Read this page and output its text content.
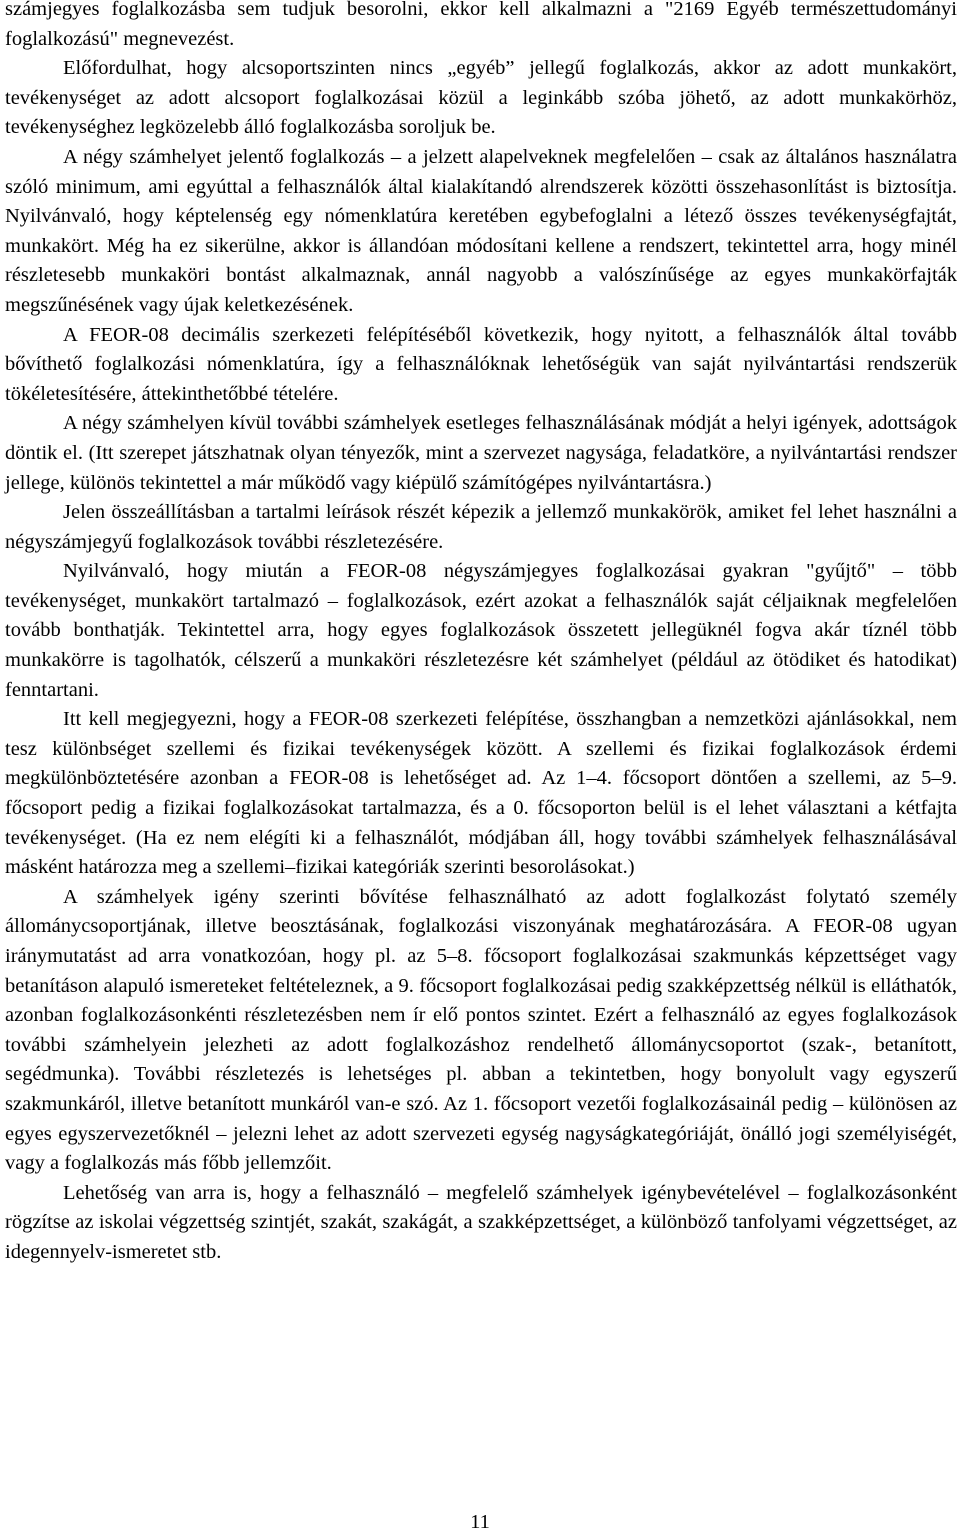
számjegyes foglalkozásba sem tudjuk besorolni, ekkor kell alkalmazni a "2169 Egyéb természettudományi foglalkozású" megnevezést.

Előfordulhat, hogy alcsoportszinten nincs „egyéb” jellegű foglalkozás, akkor az adott munkakört, tevékenységet az adott alcsoport foglalkozásai közül a leginkább szóba jöhető, az adott munkakörhöz, tevékenységhez legközelebb álló foglalkozásba soroljuk be.

A négy számhelyet jelentő foglalkozás – a jelzett alapelveknek megfelelően – csak az általános használatra szóló minimum, ami egyúttal a felhasználók által kialakítandó alrendszerek közötti összehasonlítást is biztosítja. Nyilvánvaló, hogy képtelenség egy nómenklatúra keretében egybefoglalni a létező összes tevékenységfajtát, munkakört. Még ha ez sikerülne, akkor is állandóan módosítani kellene a rendszert, tekintettel arra, hogy minél részletesebb munkaköri bontást alkalmaznak, annál nagyobb a valószínűsége az egyes munkakörfajták megszűnésének vagy újak keletkezésének.

A FEOR-08 decimális szerkezeti felépítéséből következik, hogy nyitott, a felhasználók által tovább bővíthető foglalkozási nómenklatúra, így a felhasználóknak lehetőségük van saját nyilvántartási rendszerük tökéletesítésére, áttekinthetőbbé tételére.

A négy számhelyen kívül további számhelyek esetleges felhasználásának módját a helyi igények, adottságok döntik el. (Itt szerepet játszhatnak olyan tényezők, mint a szervezet nagysága, feladatköre, a nyilvántartási rendszer jellege, különös tekintettel a már működő vagy kiépülő számítógépes nyilvántartásra.)

Jelen összeállításban a tartalmi leírások részét képezik a jellemző munkakörök, amiket fel lehet használni a négyszámjegyű foglalkozások további részletezésére.

Nyilvánvaló, hogy miután a FEOR-08 négyszámjegyes foglalkozásai gyakran "gyűjtő" – több tevékenységet, munkakört tartalmazó – foglalkozások, ezért azokat a felhasználók saját céljaiknak megfelelően tovább bonthatják. Tekintettel arra, hogy egyes foglalkozások összetett jellegüknél fogva akár tíznél több munkakörre is tagolhatók, célszerű a munkaköri részletezésre két számhelyet (például az ötödiket és hatodikat) fenntartani.

Itt kell megjegyezni, hogy a FEOR-08 szerkezeti felépítése, összhangban a nemzetközi ajánlásokkal, nem tesz különbséget szellemi és fizikai tevékenységek között. A szellemi és fizikai foglalkozások érdemi megkülönböztetésére azonban a FEOR-08 is lehetőséget ad. Az 1–4. főcsoport döntően a szellemi, az 5–9. főcsoport pedig a fizikai foglalkozásokat tartalmazza, és a 0. főcsoporton belül is el lehet választani a kétfajta tevékenységet. (Ha ez nem elégíti ki a felhasználót, módjában áll, hogy további számhelyek felhasználásával másként határozza meg a szellemi–fizikai kategóriák szerinti besorolásokat.)

A számhelyek igény szerinti bővítése felhasználható az adott foglalkozást folytató személy állománycsoportjának, illetve beosztásának, foglalkozási viszonyának meghatározására. A FEOR-08 ugyan iránymutatást ad arra vonatkozóan, hogy pl. az 5–8. főcsoport foglalkozásai szakmunkás képzettséget vagy betanításon alapuló ismereteket feltételeznek, a 9. főcsoport foglalkozásai pedig szakképzettség nélkül is elláthatók, azonban foglalkozásonkénti részletezésben nem ír elő pontos szintet. Ezért a felhasználó az egyes foglalkozások további számhelyein jelezheti az adott foglalkozáshoz rendelhető állománycsoportot (szak-, betanított, segédmunka). További részletezés is lehetséges pl. abban a tekintetben, hogy bonyolult vagy egyszerű szakmunkáról, illetve betanított munkáról van-e szó. Az 1. főcsoport vezetői foglalkozásainál pedig – különösen az egyes egyszervezetőknél – jelezni lehet az adott szervezeti egység nagyságkategóriáját, önálló jogi személyiségét, vagy a foglalkozás más főbb jellemzőit.

Lehetőség van arra is, hogy a felhasználó – megfelelő számhelyek igénybevételével – foglalkozásonként rögzítse az iskolai végzettség szintjét, szakát, szakágát, a szakképzettséget, a különböző tanfolyami végzettséget, az idegennyelv-ismeretet stb.

11
